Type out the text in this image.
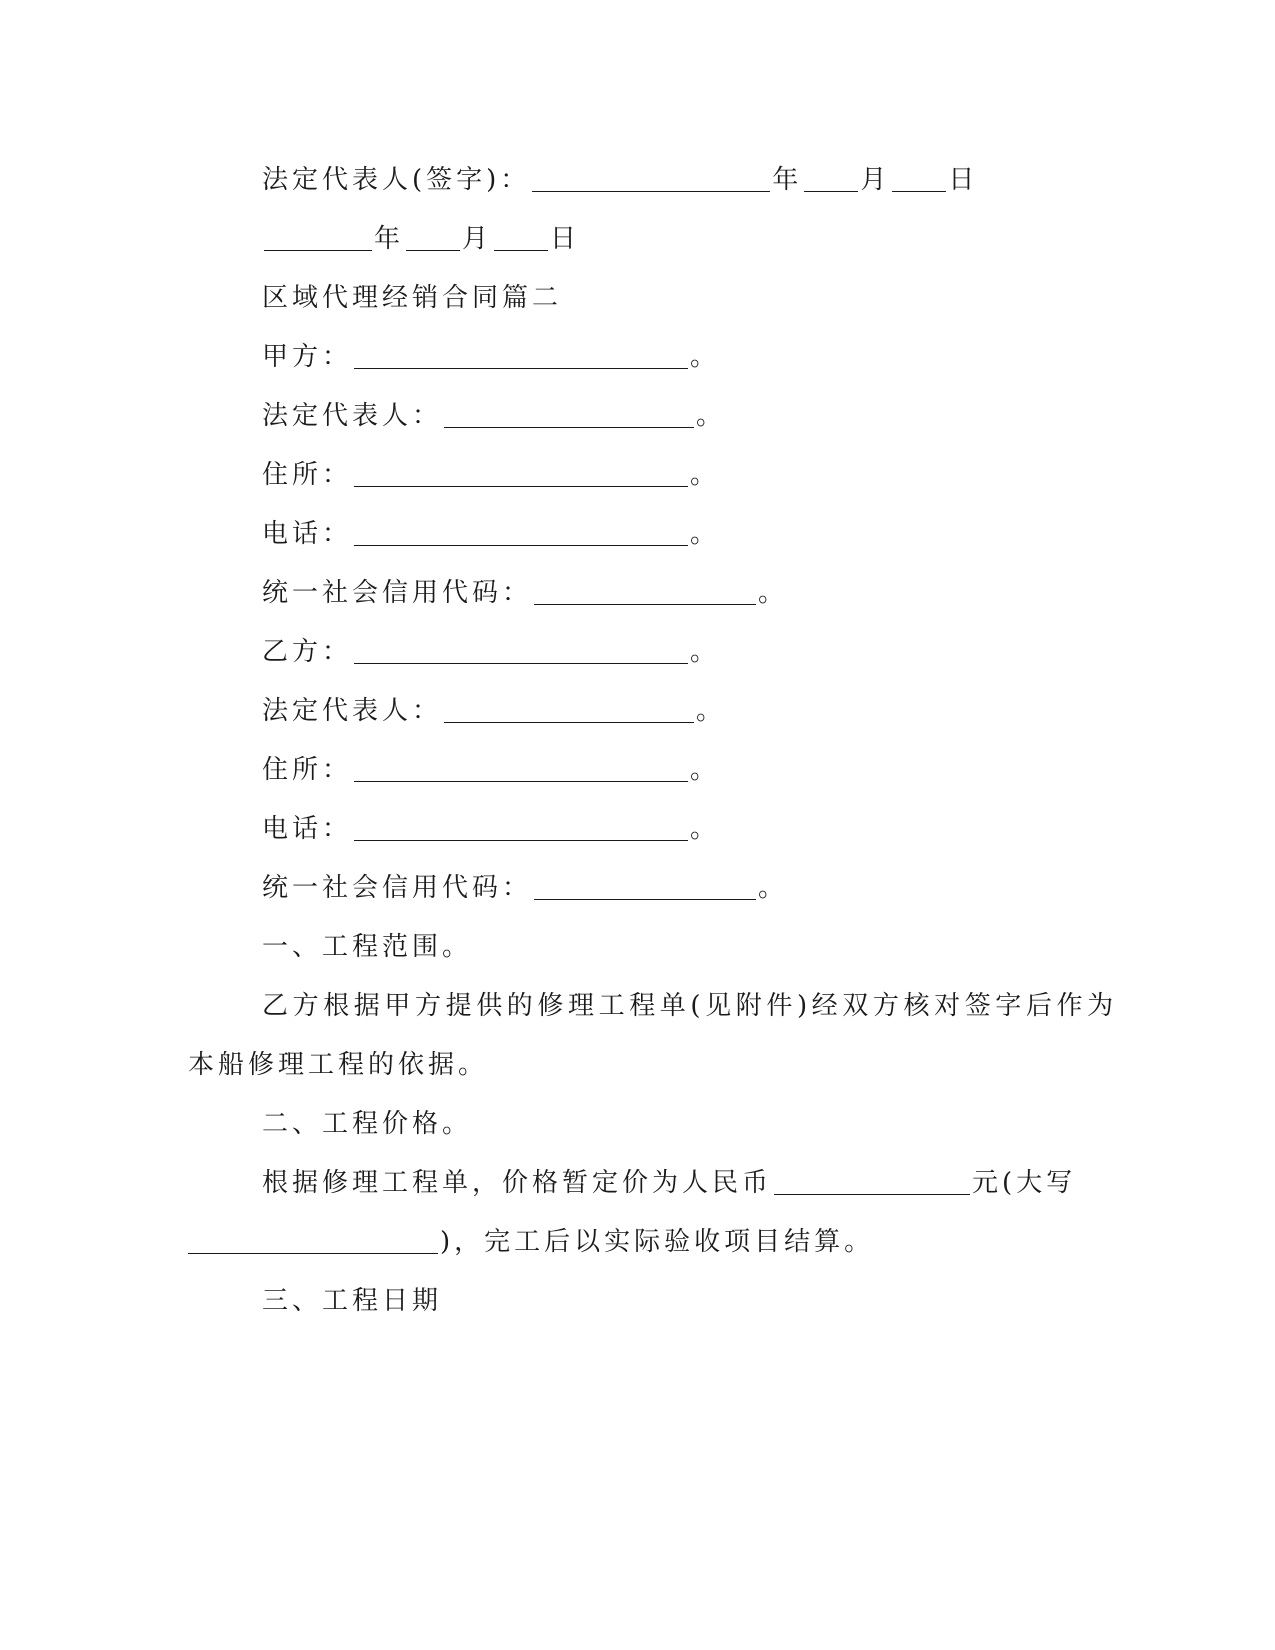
法定代表人(签字)：	年 月 日
年 月 日
区域代理经销合同篇二
甲方：	。
法定代表人：	。
住所：	。
电话：	。
统一社会信用代码：	。
乙方：	。
法定代表人：	。
住所：	。
电话：	。
统一社会信用代码：	。
一、工程范围。
乙方根据甲方提供的修理工程单(见附件)经双方核对签字后作为
本船修理工程的依据。
二、工程价格。
根据修理工程单，价格暂定价为人民币	元(大写
)，完工后以实际验收项目结算。
三、工程日期
